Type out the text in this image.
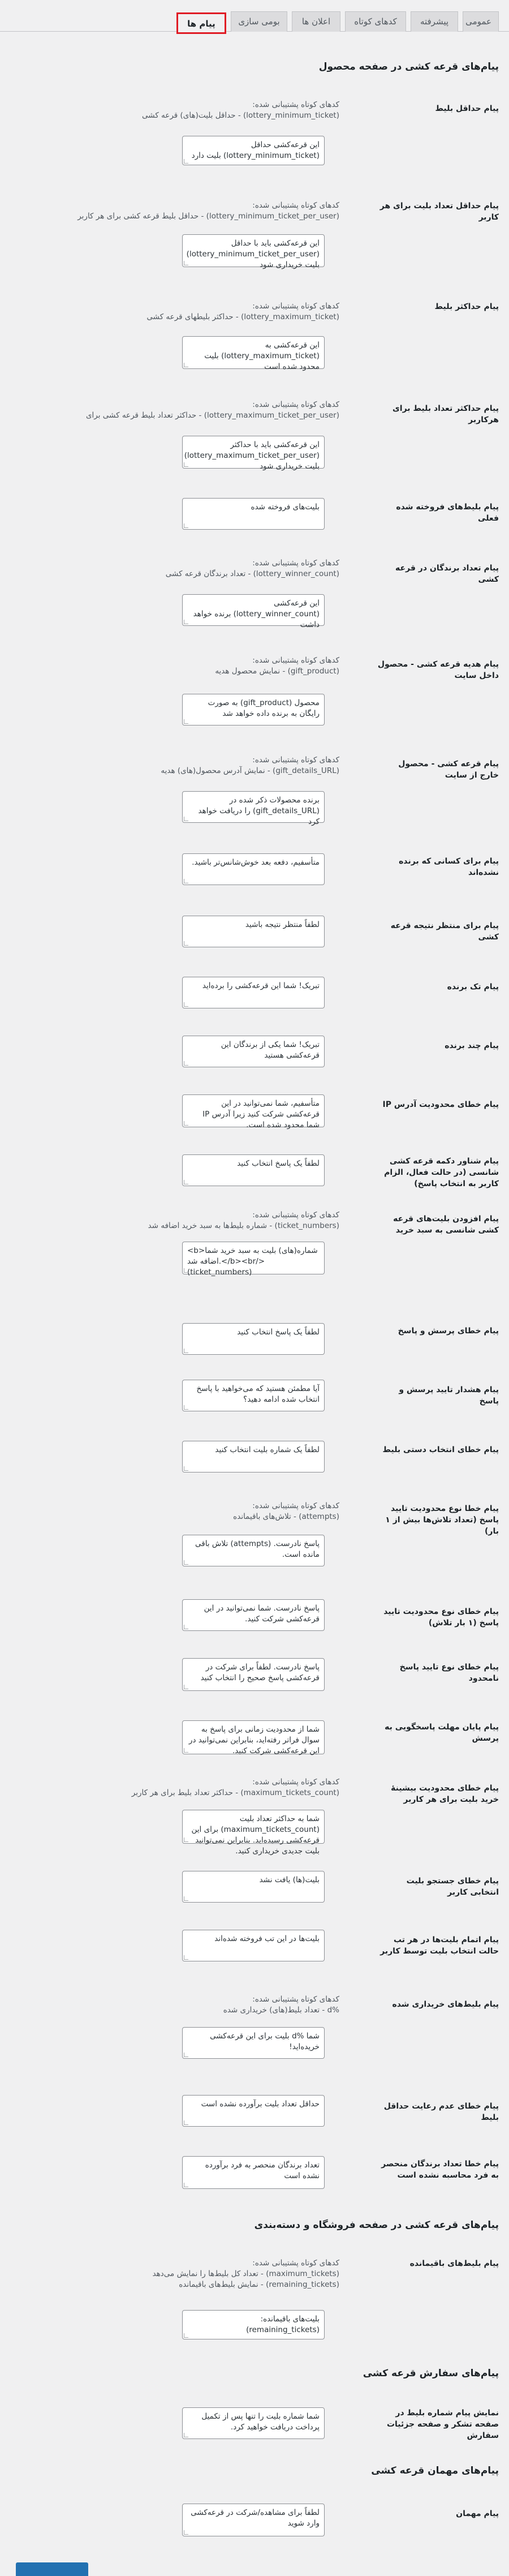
عمومی
پیشرفته
کدهای کوتاه
اعلان ها
بومی سازی
پیام ها
پیام‌های قرعه کشی در صفحه محصول
پیام حداقل بلیط
کدهای کوتاه پشتیبانی شده:
(lottery_minimum_ticket) - حداقل بلیت(های) قرعه کشی
این قرعه‌کشی حداقل (lottery_minimum_ticket) بلیت دارد
پیام حداقل تعداد بلیت برای هر کاربر
کدهای کوتاه پشتیبانی شده:
(lottery_minimum_ticket_per_user) - حداقل بلیط قرعه کشی برای هر کاربر
این قرعه‌کشی باید با حداقل (lottery_minimum_ticket_per_user) بلیت خریداری شود
پیام حداکثر بلیط
کدهای کوتاه پشتیبانی شده:
(lottery_maximum_ticket) - حداکثر بلیطهای قرعه کشی
این قرعه‌کشی به (lottery_maximum_ticket) بلیت محدود شده است
پیام حداکثر تعداد بلیط برای هرکاربر
کدهای کوتاه پشتیبانی شده:
(lottery_maximum_ticket_per_user) - حداکثر تعداد بلیط قرعه کشی برای
این قرعه‌کشی باید با حداکثر (lottery_maximum_ticket_per_user) بلیت خریداری شود
پیام بلیط‌های فروخته شده فعلی
بلیت‌های فروخته شده
پیام تعداد برندگان در قرعه کشی
کدهای کوتاه پشتیبانی شده:
(lottery_winner_count) - تعداد برندگان قرعه کشی
این قرعه‌کشی (lottery_winner_count) برنده خواهد داشت
پیام هدیه قرعه کشی - محصول داخل سایت
کدهای کوتاه پشتیبانی شده:
(gift_product) - نمایش محصول هدیه
محصول (gift_product) به صورت رایگان به برنده داده خواهد شد
پیام قرعه کشی - محصول خارج از سایت
کدهای کوتاه پشتیبانی شده:
(gift_details_URL) - نمایش آدرس محصول(های) هدیه
برنده محصولات ذکر شده در (gift_details_URL) را دریافت خواهد کرد
پیام برای کسانی که برنده نشده‌اند
متأسفیم، دفعه بعد خوش‌شانس‌تر باشید.
پیام برای منتظر نتیجه قرعه کشی
لطفاً منتظر نتیجه باشید
پیام تک برنده
تبریک! شما این قرعه‌کشی را برده‌اید
پیام چند برنده
تبریک! شما یکی از برندگان این قرعه‌کشی هستید
پیام خطای محدودیت آدرس IP
متأسفیم، شما نمی‌توانید در این قرعه‌کشی شرکت کنید زیرا آدرس IP شما محدود شده است.
پیام شناور دکمه قرعه کشی شانسی (در حالت فعال، الزام کاربر به انتخاب پاسخ)
لطفاً یک پاسخ انتخاب کنید
پیام افزودن بلیت‌های قرعه کشی شانسی به سبد خرید
کدهای کوتاه پشتیبانی شده:
(ticket_numbers) - شماره بلیط‌ها به سبد خرید اضافه شد
<b>شماره(های) بلیت به سبد خرید شما اضافه شد.</b><br/>
(ticket_numbers)
پیام خطای پرسش و پاسخ
لطفاً یک پاسخ انتخاب کنید
پیام هشدار تایید پرسش و پاسخ
آیا مطمئن هستید که می‌خواهید با پاسخ انتخاب شده ادامه دهید؟
پیام خطای انتخاب دستی بلیط
لطفاً یک شماره بلیت انتخاب کنید
پیام خطا نوع محدودیت تایید پاسخ (تعداد تلاش‌ها بیش از ۱ بار)
کدهای کوتاه پشتیبانی شده:
(attempts) - تلاش‌های باقیمانده
پاسخ نادرست. (attempts) تلاش باقی مانده است.
پیام خطای نوع محدودیت تایید پاسخ (۱ بار تلاش)
پاسخ نادرست. شما نمی‌توانید در این قرعه‌کشی شرکت کنید.
پیام خطای نوع تایید پاسخ نامحدود
پاسخ نادرست. لطفاً برای شرکت در قرعه‌کشی پاسخ صحیح را انتخاب کنید
پیام پایان مهلت پاسخگویی به پرسش
شما از محدودیت زمانی برای پاسخ به سوال فراتر رفته‌اید، بنابراین نمی‌توانید در این قرعه‌کشی شرکت کنید.
پیام خطای محدودیت بیشینهٔ خرید بلیت برای هر کاربر
کدهای کوتاه پشتیبانی شده:
(maximum_tickets_count) - حداکثر تعداد بلیط برای هر کاربر
شما به حداکثر تعداد بلیت (maximum_tickets_count) برای این قرعه‌کشی رسیده‌اید. بنابراین نمی‌توانید بلیت جدیدی خریداری کنید.
پیام خطای جستجو بلیت انتخابی کاربر
بلیت(ها) یافت نشد
پیام اتمام بلیت‌ها در هر تب حالت انتخاب بلیت توسط کاربر
بلیت‌ها در این تب فروخته شده‌اند
پیام بلیط‌های خریداری شده
کدهای کوتاه پشتیبانی شده:
%d - تعداد بلیط(های) خریداری شده
شما %d بلیت برای این قرعه‌کشی خریده‌اید!
پیام خطای عدم رعایت حداقل بلیط
حداقل تعداد بلیت برآورده نشده است
پیام خطا تعداد برندگان منحصر به فرد محاسبه نشده است
تعداد برندگان منحصر به فرد برآورده نشده است
پیام‌های قرعه کشی در صفحه فروشگاه و دسته‌بندی
پیام بلیط‌های باقیمانده
کدهای کوتاه پشتیبانی شده:
(maximum_tickets) - تعداد کل بلیط‌ها را نمایش می‌دهد
(remaining_tickets) - نمایش بلیط‌های باقیمانده
بلیت‌های باقیمانده: (remaining_tickets)
پیام‌های سفارش قرعه کشی
نمایش پیام شماره بلیط در صفحه تشکر و صفحه جزئیات سفارش
شما شماره بلیت را تنها پس از تکمیل پرداخت دریافت خواهید کرد.
پیام‌های مهمان قرعه کشی
پیام مهمان
لطفاً برای مشاهده/شرکت در قرعه‌کشی وارد شوید
